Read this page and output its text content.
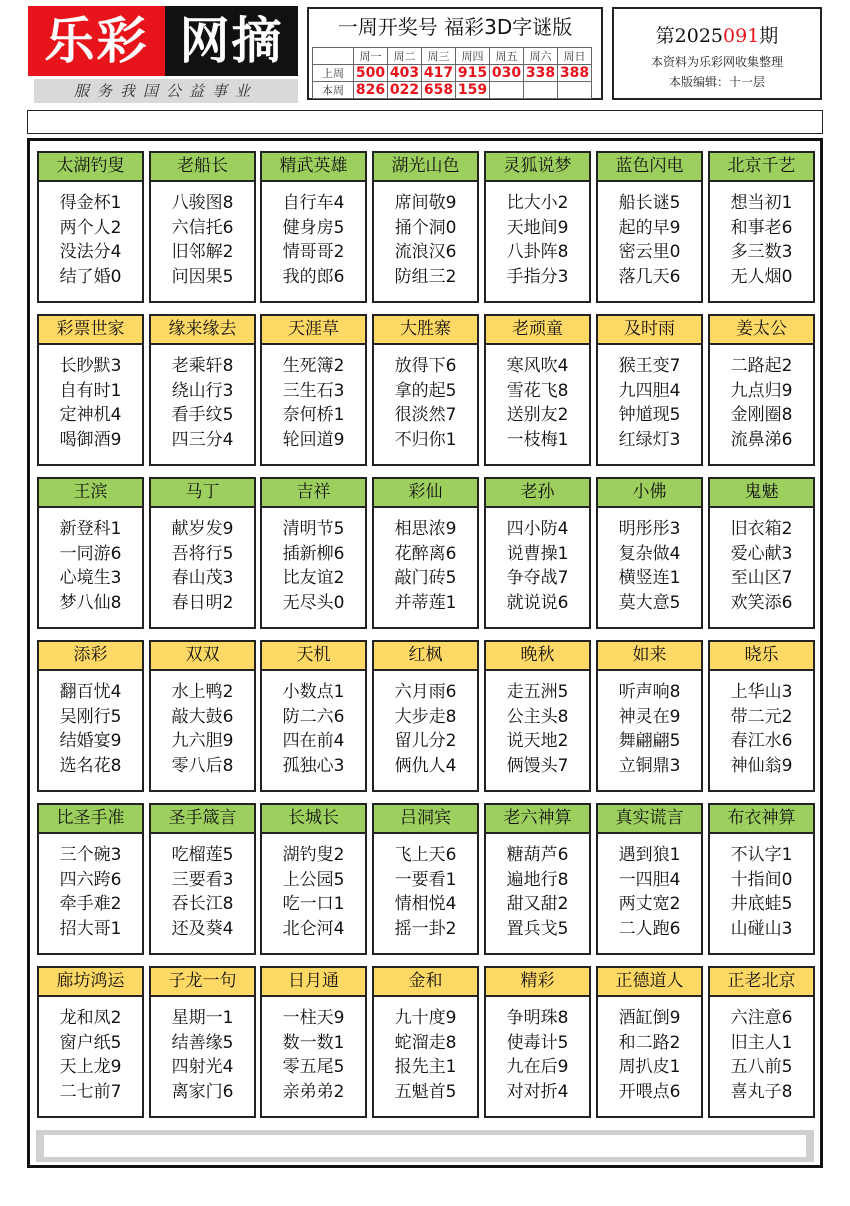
乐彩 网摘
服务我国公益事业
一周开奖号 福彩3D字谜版
	周一	周二	周三	周四	周五	周六	周日
上周	500	403	417	915	030	338	388
本周	826	022	658	159			
第2025091期
本资料为乐彩网收集整理
本版编辑：十一层
太湖钓叟
得金杯1
两个人2
没法分4
结了婚0
老船长
八骏图8
六信托6
旧邻解2
问因果5
精武英雄
自行车4
健身房5
情哥哥2
我的郎6
湖光山色
席间敬9
捅个洞0
流浪汉6
防组三2
灵狐说梦
比大小2
天地间9
八卦阵8
手指分3
蓝色闪电
船长谜5
起的早9
密云里0
落几天6
北京千艺
想当初1
和事老6
多三数3
无人烟0
彩票世家
长眇默3
自有时1
定神机4
喝御酒9
缘来缘去
老乘轩8
绕山行3
看手纹5
四三分4
天涯草
生死簿2
三生石3
奈何桥1
轮回道9
大胜寨
放得下6
拿的起5
很淡然7
不归你1
老顽童
寒风吹4
雪花飞8
送别友2
一枝梅1
及时雨
猴王变7
九四胆4
钟馗现5
红绿灯3
姜太公
二路起2
九点归9
金刚圈8
流鼻涕6
王滨
新登科1
一同游6
心境生3
梦八仙8
马丁
献岁发9
吾将行5
春山茂3
春日明2
吉祥
清明节5
插新柳6
比友谊2
无尽头0
彩仙
相思浓9
花醉离6
敲门砖5
并蒂莲1
老孙
四小防4
说曹操1
争夺战7
就说说6
小佛
明彤彤3
复杂做4
横竖连1
莫大意5
鬼魅
旧衣箱2
爱心献3
至山区7
欢笑添6
添彩
翻百忧4
吴刚行5
结婚宴9
选名花8
双双
水上鸭2
敲大鼓6
九六胆9
零八后8
天机
小数点1
防二六6
四在前4
孤独心3
红枫
六月雨6
大步走8
留儿分2
俩仇人4
晚秋
走五洲5
公主头8
说天地2
俩馒头7
如来
听声响8
神灵在9
舞翩翩5
立铜鼎3
晓乐
上华山3
带二元2
春江水6
神仙翁9
比圣手准
三个碗3
四六跨6
牵手难2
招大哥1
圣手箴言
吃榴莲5
三要看3
吞长江8
还及葵4
长城长
湖钓叟2
上公园5
吃一口1
北仑河4
吕洞宾
飞上天6
一要看1
情相悦4
摇一卦2
老六神算
糖葫芦6
遍地行8
甜又甜2
置兵戈5
真实谎言
遇到狼1
一四胆4
两丈宽2
二人跑6
布衣神算
不认字1
十指间0
井底蛙5
山碰山3
廊坊鸿运
龙和凤2
窗户纸5
天上龙9
二七前7
子龙一句
星期一1
结善缘5
四射光4
离家门6
日月通
一柱天9
数一数1
零五尾5
亲弟弟2
金和
九十度9
蛇溜走8
报先主1
五魁首5
精彩
争明珠8
使毒计5
九在后9
对对折4
正德道人
酒缸倒9
和二路2
周扒皮1
开喂点6
正老北京
六注意6
旧主人1
五八前5
喜丸子8
